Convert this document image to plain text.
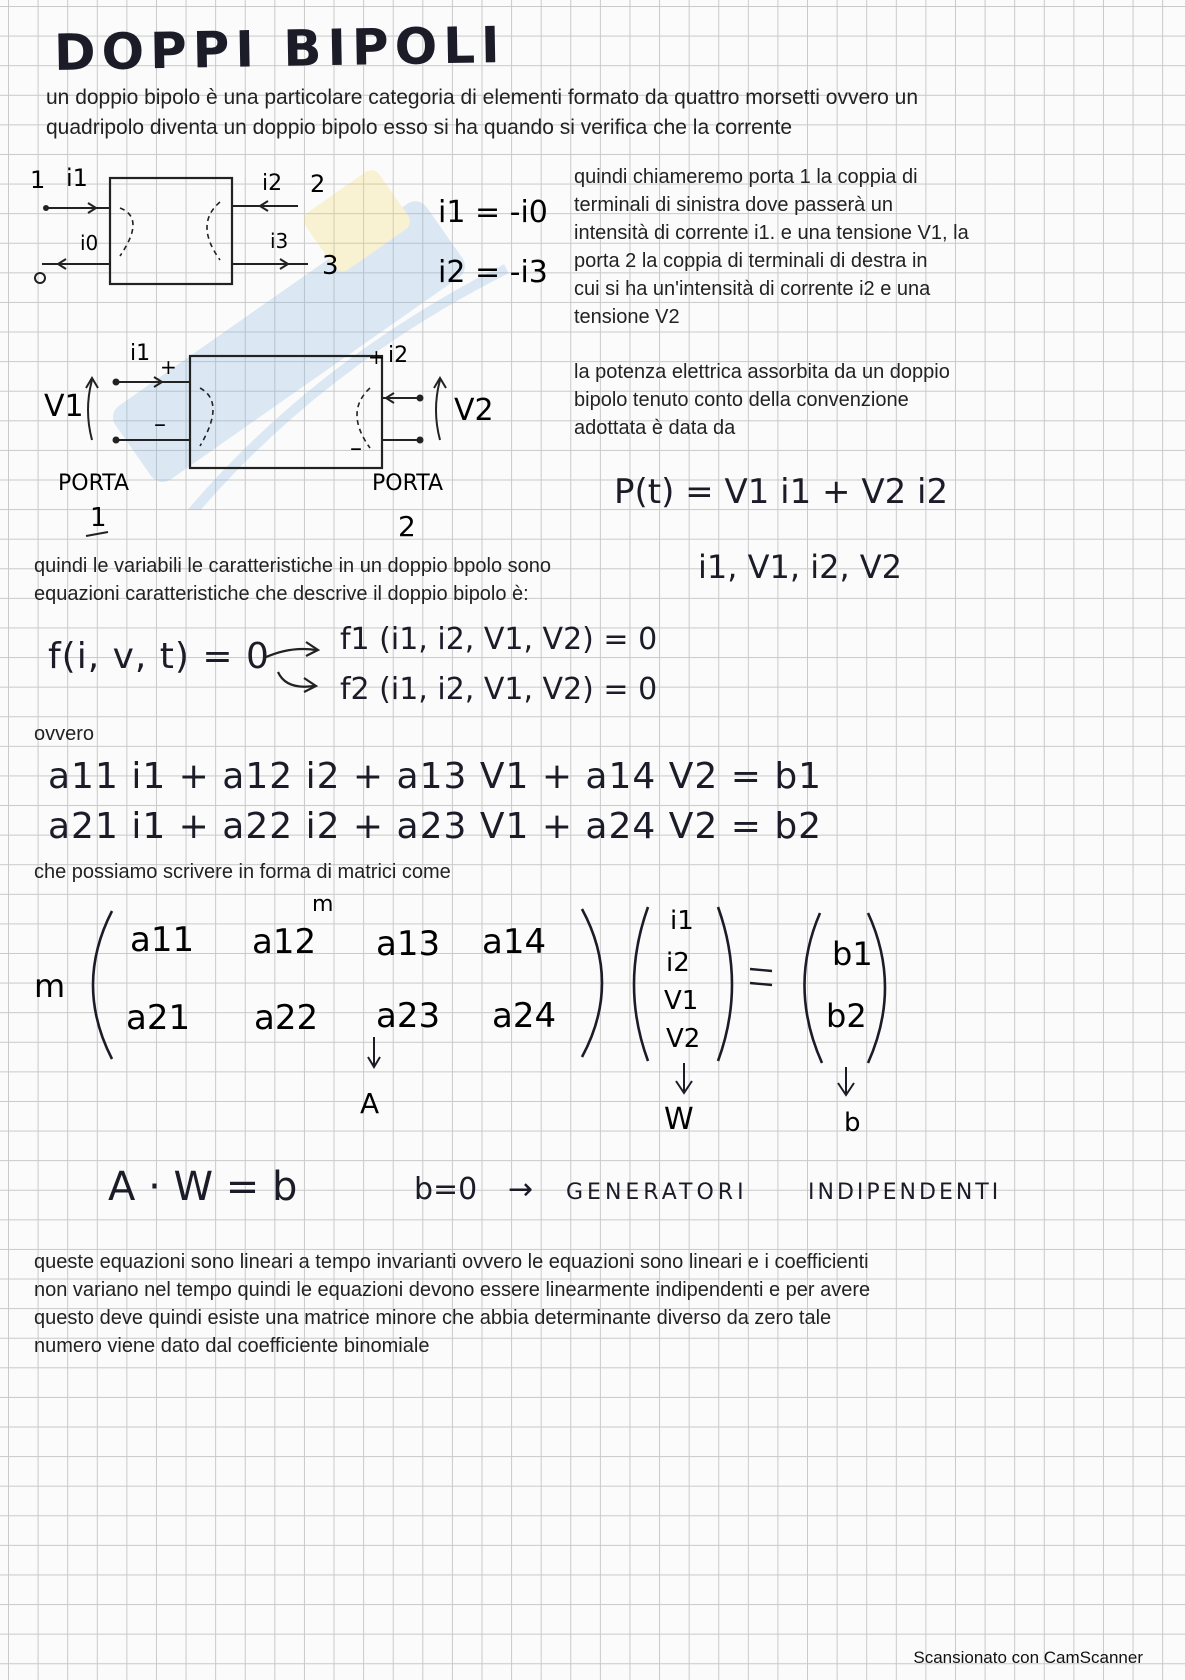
DOPPI BIPOLI
un doppio bipolo è una particolare categoria di elementi formato da quattro morsetti ovvero un
quadripolo diventa un doppio bipolo esso si ha quando si verifica che la corrente
1 i1
i0
0
i2 2
i3
3
i1 = -i0
i2 = -i3
quindi chiameremo porta 1 la coppia di
terminali di sinistra dove passerà un
intensità di corrente i1. e una tensione V1, la
porta 2 la coppia di terminali di destra in
cui si ha un'intensità di corrente i2 e una
tensione V2
V1
i1
+
–
+ i2
–
V2
PORTA
1
PORTA
2
la potenza elettrica assorbita da un doppio
bipolo tenuto conto della convenzione
adottata è data da
P(t) = V1 i1 + V2 i2
quindi le variabili le caratteristiche in un doppio bpolo sono
equazioni caratteristiche che descrive il doppio bipolo è:
i1, V1, i2, V2
f(i, v, t) = 0 f1 (i1, i2, V1, V2) = 0
f2 (i1, i2, V1, V2) = 0
ovvero
a11 i1 + a12 i2 + a13 V1 + a14 V2 = b1
a21 i1 + a22 i2 + a23 V1 + a24 V2 = b2
che possiamo scrivere in forma di matrici come
m
m
a11 a12 a13 a14
a21 a22 a23 a24
i1
i2
V1
V2
b1
b2
A	W	b
A · W = b	b=0 → GENERATORI	INDIPENDENTI
queste equazioni sono lineari a tempo invarianti ovvero le equazioni sono lineari e i coefficienti
non variano nel tempo quindi le equazioni devono essere linearmente indipendenti e per avere
questo deve quindi esiste una matrice minore che abbia determinante diverso da zero tale
numero viene dato dal coefficiente binomiale
Scansionato con CamScanner
